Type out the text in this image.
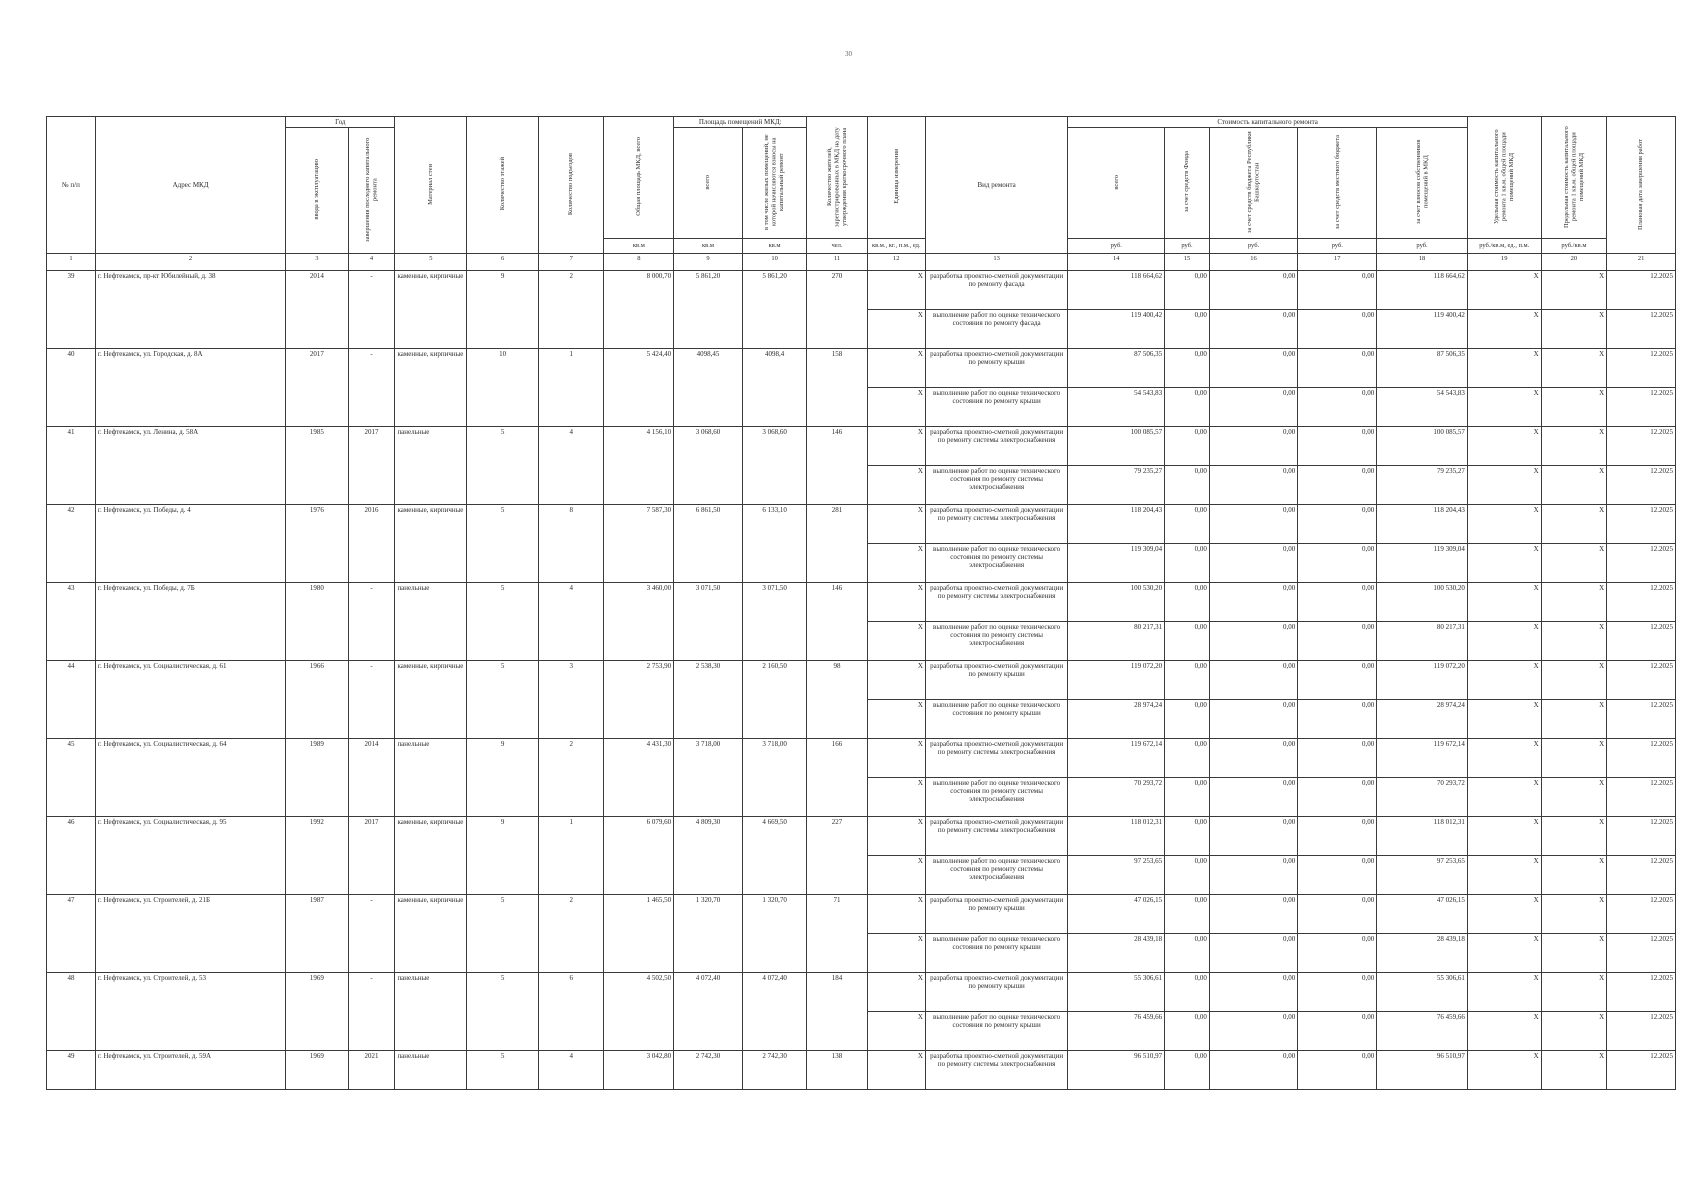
30
№ п/п	Адрес МКД	Год		Материал стен	Количество этажей	Количество подъездов	Общая площадь МКД, всего	Площадь помещений МКД:		Количество жителей, зарегистрированных в МКД на дату утверждения краткосрочного плана	Единица измерения	Вид ремонта	Стоимость капитального ремонта					Удельная стоимость капитального ремонта 1 кв.м. общей площади помещений МКД	Предельная стоимость капитального ремонта 1 кв.м. общей площади помещений МКД	Плановая дата завершения работ
		ввода в эксплуатацию	завершения последнего капитального ремонта					всего	в том числе жилых помещений, не которой начисляются взносы на капитальный ремонт				всего	за счет средств Фонда	за счет средств бюджета Республики Башкортостан	за счет средств местного бюджета	за счет взносов собственников помещений в МКД			
							кв.м	кв.м	кв.м	чел.	кв.м., кг., п.м., ед.		руб.	руб.	руб.	руб.	руб.	руб./кв.м, ед., п.м.	руб./кв.м	
1	2	3	4	5	6	7	8	9	10	11	12	13	14	15	16	17	18	19	20	21
39	г. Нефтекамск, пр-кт Юбилейный, д. 38	2014	-	каменные, кирпичные	9	2	8 000,70	5 861,20	5 861,20	270	X	разработка проектно-сметной документации по ремонту фасада	118 664,62	0,00	0,00	0,00	118 664,62	X	X	12.2025
											X	выполнение работ по оценке технического состояния по ремонту фасада	119 400,42	0,00	0,00	0,00	119 400,42	X	X	12.2025
40	г. Нефтекамск, ул. Городская, д. 8А	2017	-	каменные, кирпичные	10	1	5 424,40	4098,45	4098,4	158	X	разработка проектно-сметной документации по ремонту крыши	87 506,35	0,00	0,00	0,00	87 506,35	X	X	12.2025
											X	выполнение работ по оценке технического состояния по ремонту крыши	54 543,83	0,00	0,00	0,00	54 543,83	X	X	12.2025
41	г. Нефтекамск, ул. Ленина, д. 58А	1985	2017	панельные	5	4	4 156,10	3 068,60	3 068,60	146	X	разработка проектно-сметной документации по ремонту системы электроснабжения	100 085,57	0,00	0,00	0,00	100 085,57	X	X	12.2025
											X	выполнение работ по оценке технического состояния по ремонту системы электроснабжения	79 235,27	0,00	0,00	0,00	79 235,27	X	X	12.2025
42	г. Нефтекамск, ул. Победы, д. 4	1976	2016	каменные, кирпичные	5	8	7 587,30	6 861,50	6 133,10	281	X	разработка проектно-сметной документации по ремонту системы электроснабжения	118 204,43	0,00	0,00	0,00	118 204,43	X	X	12.2025
											X	выполнение работ по оценке технического состояния по ремонту системы электроснабжения	119 309,04	0,00	0,00	0,00	119 309,04	X	X	12.2025
43	г. Нефтекамск, ул. Победы, д. 7Б	1980	-	панельные	5	4	3 460,00	3 071,50	3 071,50	146	X	разработка проектно-сметной документации по ремонту системы электроснабжения	100 530,20	0,00	0,00	0,00	100 530,20	X	X	12.2025
											X	выполнение работ по оценке технического состояния по ремонту системы электроснабжения	80 217,31	0,00	0,00	0,00	80 217,31	X	X	12.2025
44	г. Нефтекамск, ул. Социалистическая, д. 61	1966	-	каменные, кирпичные	5	3	2 753,90	2 538,30	2 160,50	98	X	разработка проектно-сметной документации по ремонту крыши	119 072,20	0,00	0,00	0,00	119 072,20	X	X	12.2025
											X	выполнение работ по оценке технического состояния по ремонту крыши	28 974,24	0,00	0,00	0,00	28 974,24	X	X	12.2025
45	г. Нефтекамск, ул. Социалистическая, д. 64	1989	2014	панельные	9	2	4 431,30	3 718,00	3 718,00	166	X	разработка проектно-сметной документации по ремонту системы электроснабжения	119 672,14	0,00	0,00	0,00	119 672,14	X	X	12.2025
											X	выполнение работ по оценке технического состояния по ремонту системы электроснабжения	70 293,72	0,00	0,00	0,00	70 293,72	X	X	12.2025
46	г. Нефтекамск, ул. Социалистическая, д. 95	1992	2017	каменные, кирпичные	9	1	6 079,60	4 809,30	4 669,50	227	X	разработка проектно-сметной документации по ремонту системы электроснабжения	118 012,31	0,00	0,00	0,00	118 012,31	X	X	12.2025
											X	выполнение работ по оценке технического состояния по ремонту системы электроснабжения	97 253,65	0,00	0,00	0,00	97 253,65	X	X	12.2025
47	г. Нефтекамск, ул. Строителей, д. 21Б	1987	-	каменные, кирпичные	5	2	1 465,50	1 320,70	1 320,70	71	X	разработка проектно-сметной документации по ремонту крыши	47 026,15	0,00	0,00	0,00	47 026,15	X	X	12.2025
											X	выполнение работ по оценке технического состояния по ремонту крыши	28 439,18	0,00	0,00	0,00	28 439,18	X	X	12.2025
48	г. Нефтекамск, ул. Строителей, д. 53	1969	-	панельные	5	6	4 502,50	4 072,40	4 072,40	184	X	разработка проектно-сметной документации по ремонту крыши	55 306,61	0,00	0,00	0,00	55 306,61	X	X	12.2025
											X	выполнение работ по оценке технического состояния по ремонту крыши	76 459,66	0,00	0,00	0,00	76 459,66	X	X	12.2025
49	г. Нефтекамск, ул. Строителей, д. 59А	1969	2021	панельные	5	4	3 042,80	2 742,30	2 742,30	138	X	разработка проектно-сметной документации по ремонту системы электроснабжения	96 510,97	0,00	0,00	0,00	96 510,97	X	X	12.2025
